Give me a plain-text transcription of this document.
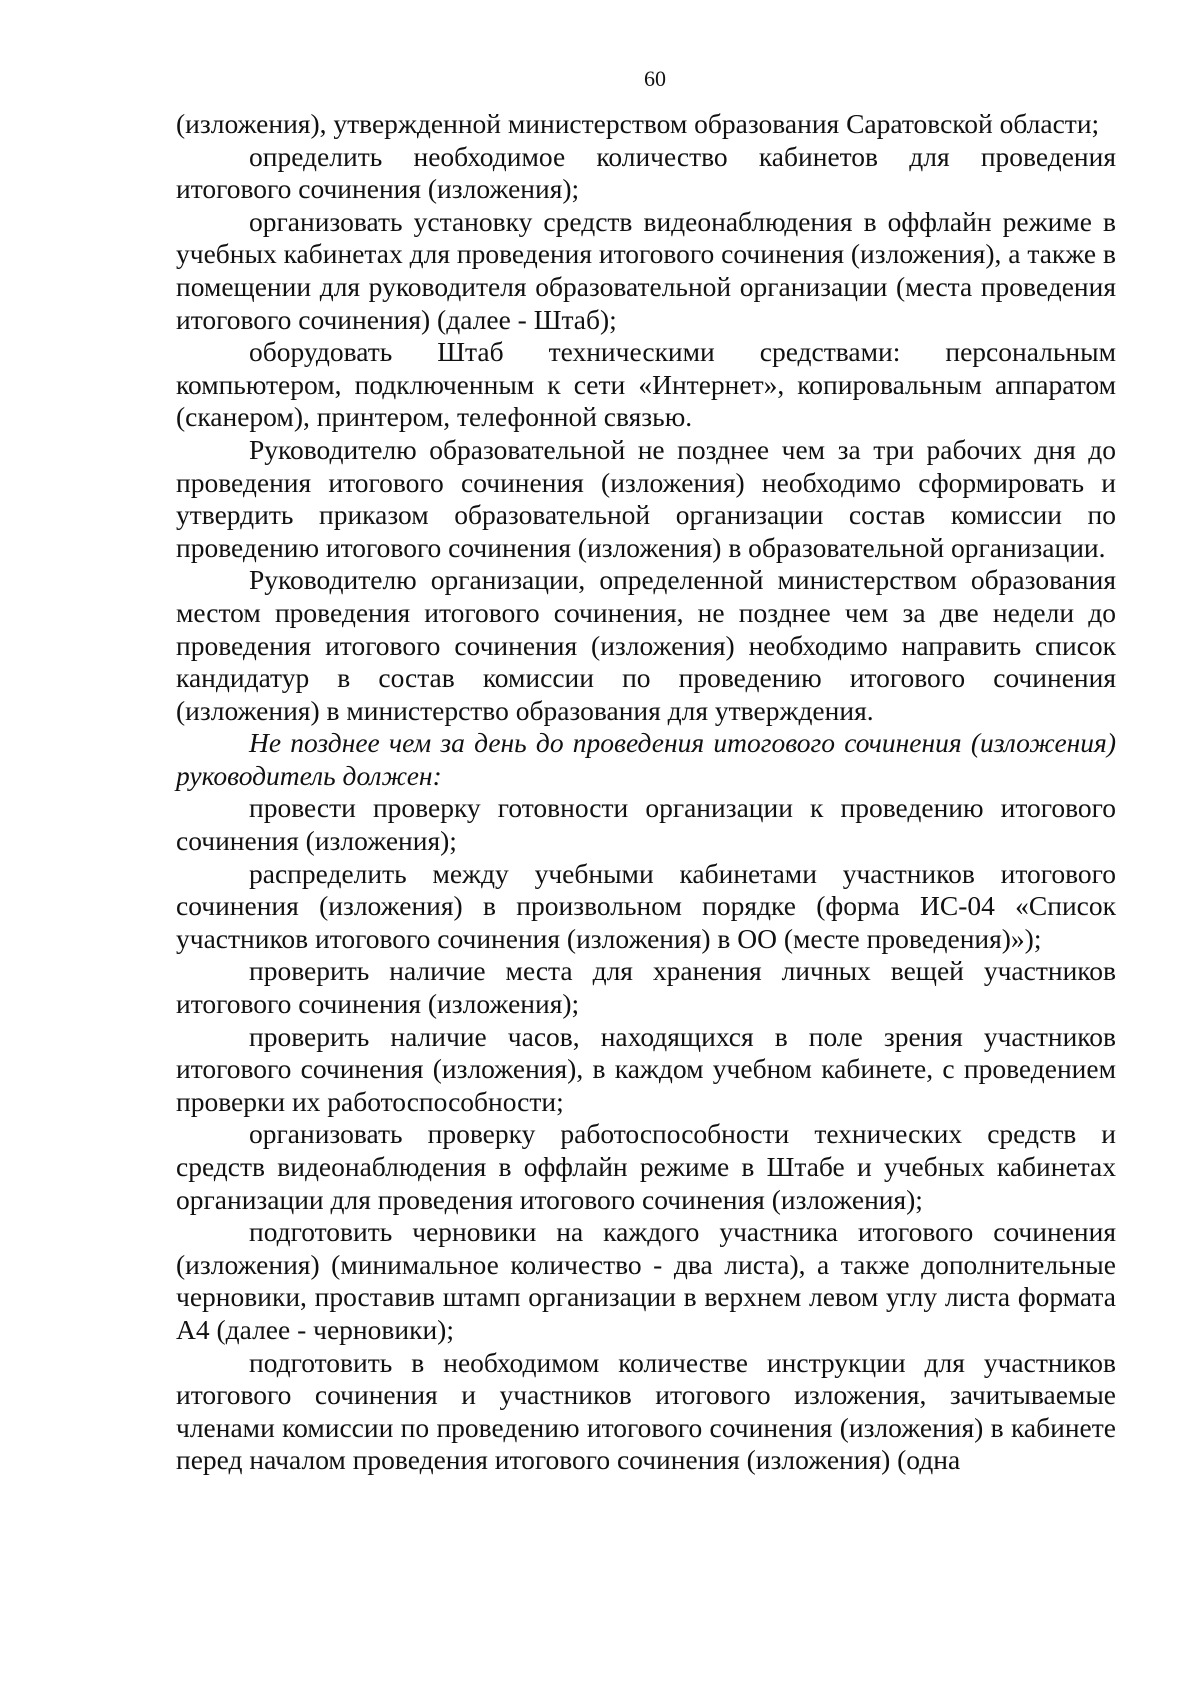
60

(изложения), утвержденной министерством образования Саратовской области;

определить необходимое количество кабинетов для проведения итогового сочинения (изложения);

организовать установку средств видеонаблюдения в оффлайн режиме в учебных кабинетах для проведения итогового сочинения (изложения), а также в помещении для руководителя образовательной организации (места проведения итогового сочинения) (далее - Штаб);

оборудовать Штаб техническими средствами: персональным компьютером, подключенным к сети «Интернет», копировальным аппаратом (сканером), принтером, телефонной связью.

Руководителю образовательной не позднее чем за три рабочих дня до проведения итогового сочинения (изложения) необходимо сформировать и утвердить приказом образовательной организации состав комиссии по проведению итогового сочинения (изложения) в образовательной организации.

Руководителю организации, определенной министерством образования местом проведения итогового сочинения, не позднее чем за две недели до проведения итогового сочинения (изложения) необходимо направить список кандидатур в состав комиссии по проведению итогового сочинения (изложения) в министерство образования для утверждения.

Не позднее чем за день до проведения итогового сочинения (изложения) руководитель должен:

провести проверку готовности организации к проведению итогового сочинения (изложения);

распределить между учебными кабинетами участников итогового сочинения (изложения) в произвольном порядке (форма ИС-04 «Список участников итогового сочинения (изложения) в ОО (месте проведения)»);

проверить наличие места для хранения личных вещей участников итогового сочинения (изложения);

проверить наличие часов, находящихся в поле зрения участников итогового сочинения (изложения), в каждом учебном кабинете, с проведением проверки их работоспособности;

организовать проверку работоспособности технических средств и средств видеонаблюдения в оффлайн режиме в Штабе и учебных кабинетах организации для проведения итогового сочинения (изложения);

подготовить черновики на каждого участника итогового сочинения (изложения) (минимальное количество - два листа), а также дополнительные черновики, проставив штамп организации в верхнем левом углу листа формата А4 (далее - черновики);

подготовить в необходимом количестве инструкции для участников итогового сочинения и участников итогового изложения, зачитываемые членами комиссии по проведению итогового сочинения (изложения) в кабинете перед началом проведения итогового сочинения (изложения) (одна
